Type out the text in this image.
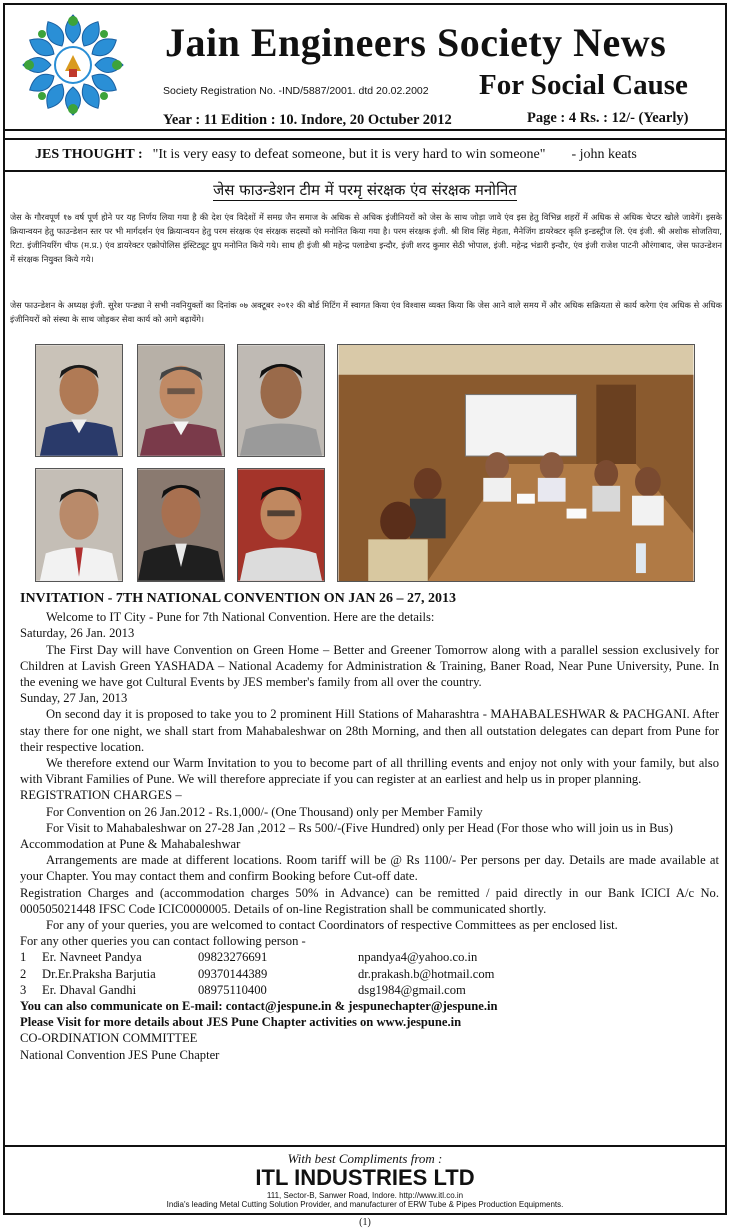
Jain Engineers Society News
Society Registration No. -IND/5887/2001. dtd 20.02.2002 For Social Cause
Year : 11 Edition : 10. Indore, 20 Octuber 2012	Page : 4 Rs. : 12/- (Yearly)
JES THOUGHT : "It is very easy to defeat someone, but it is very hard to win someone" - john keats
जेस फाउन्डेशन टीम में परमृ संरक्षक एंव संरक्षक मनोनित

जेस के गौरवपूर्ण १७ वर्ष पूर्ण होने पर यह निर्णय लिया गया है की देश एंव विदेशों में समग्र जैन समाज के अधिक से अधिक इंजीनियरों को जेस के साथ जोड़ा जावे एंव इस हेतु विभिन्न शहरों में अधिक से अधिक चेप्टर खोले जावेगें। इसके क्रियान्वयन हेतु फाउन्डेशन स्तर पर भी मार्गदर्शन एंव क्रियान्वयन हेतु परम संरक्षक एंव संरक्षक सदस्यों को मनोनित किया गया है। परम संरक्षक इंजी. श्री शिव सिंह मेहता, मैनेजिंग डायरेक्टर कृति इन्डस्ट्रीज लि. एंव इंजी. श्री अशोक सोजतिया, रिटा. इंजीनियरिंग चीफ (म.प्र.) एंव डायरेक्टर एक्रोपोलिस इंस्टिट्यूट ग्रुप मनोनित किये गये। साथ ही इंजी श्री महेन्द्र पलाडेचा इन्दौर, इंजी शरद कुमार सेठी भोपाल, इंजी. महेन्द्र भंडारी इन्दौर, एंव इंजी राजेश पाटनी औरंगाबाद, जेस फाउन्डेशन में संरक्षक नियुक्त किये गये।

जेस फाउन्डेशन के अध्यक्ष इंजी. सुरेश पन्ड्या ने सभी नवनियुक्तों का दिनांक ०७ अक्टूबर २०१२ की बोर्ड मिटिंग में स्वागत किया एंव विश्वास व्यक्त किया कि जेस आने वाले समय में और अधिक सक्रियता से कार्य करेगा एंव अधिक से अधिक इंजीनियरों को संस्था के साथ जोड़कर सेवा कार्य को आगे बढ़ायेंगे।

INVITATION - 7TH NATIONAL CONVENTION ON JAN 26 – 27, 2013

Welcome to IT City - Pune for 7th National Convention. Here are the details:

Saturday, 26 Jan. 2013

The First Day will have Convention on Green Home – Better and Greener Tomorrow along with a parallel session exclusively for Children at Lavish Green YASHADA – National Academy for Administration & Training, Baner Road, Near Pune University, Pune. In the evening we have got Cultural Events by JES member's family from all over the country.

Sunday, 27 Jan, 2013

On second day it is proposed to take you to 2 prominent Hill Stations of Maharashtra - MAHABALESHWAR & PACHGANI. After stay there for one night, we shall start from Mahabaleshwar on 28th Morning, and then all outstation delegates can depart from Pune for their respective location.

We therefore extend our Warm Invitation to you to become part of all thrilling events and enjoy not only with your family, but also with Vibrant Families of Pune. We will therefore appreciate if you can register at an earliest and help us in proper planning.

REGISTRATION CHARGES –

For Convention on 26 Jan.2012 - Rs.1,000/- (One Thousand) only per Member Family

For Visit to Mahabaleshwar on 27-28 Jan ,2012 – Rs 500/-(Five Hundred) only per Head (For those who will join us in Bus)

Accommodation at Pune & Mahabaleshwar

Arrangements are made at different locations. Room tariff will be @ Rs 1100/- Per persons per day. Details are made available at your Chapter. You may contact them and confirm Booking before Cut-off date.

Registration Charges and (accommodation charges 50% in Advance) can be remitted / paid directly in our Bank ICICI A/c No. 000505021448 IFSC Code ICIC0000005. Details of on-line Registration shall be communicated shortly.

For any of your queries, you are welcomed to contact Coordinators of respective Committees as per enclosed list.

For any other queries you can contact following person -

1	Er. Navneet Pandya	09823276691	npandya4@yahoo.co.in
2	Dr.Er.Praksha Barjutia	09370144389	dr.prakash.b@hotmail.com
3	Er. Dhaval Gandhi	08975110400	dsg1984@gmail.com

You can also communicate on E-mail: contact@jespune.in & jespunechapter@jespune.in

Please Visit for more details about JES Pune Chapter activities on www.jespune.in

CO-ORDINATION COMMITTEE

National Convention JES Pune Chapter

With best Compliments from :
ITL INDUSTRIES LTD
111, Sector-B, Sanwer Road, Indore. http://www.itl.co.in
India's leading Metal Cutting Solution Provider, and manufacturer of ERW Tube & Pipes Production Equipments.
(1)
